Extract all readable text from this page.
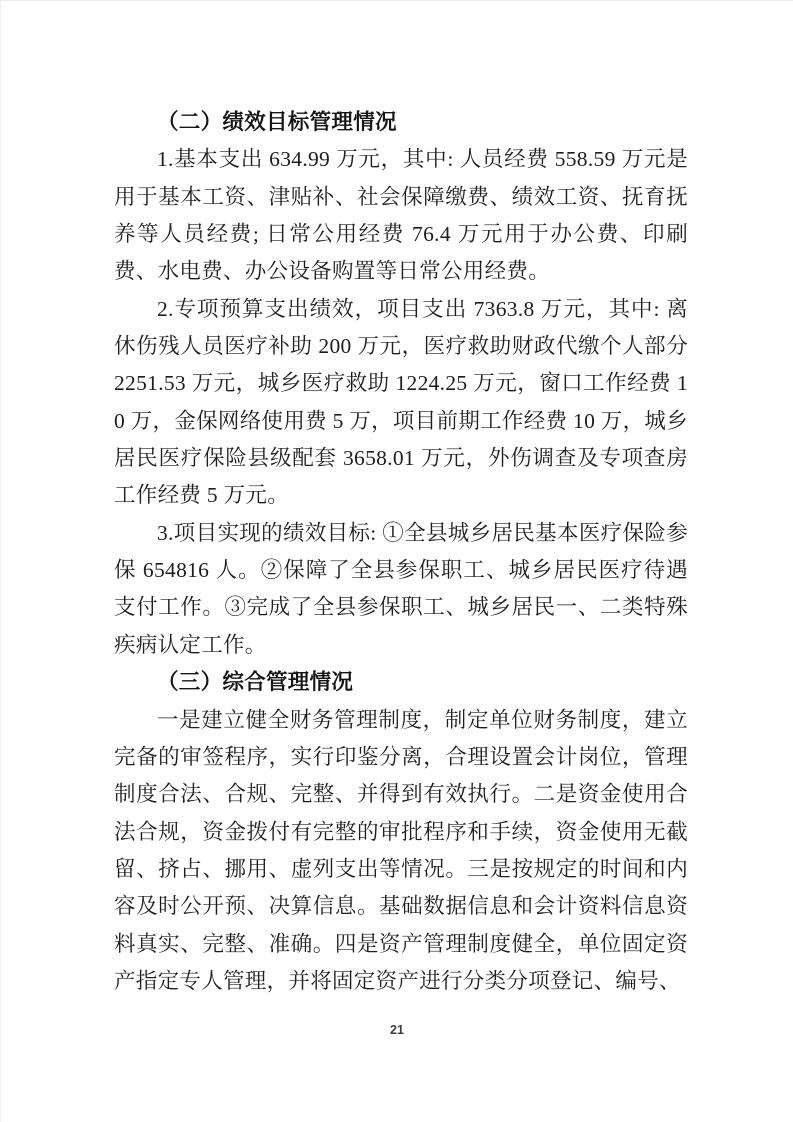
（二）绩效目标管理情况

1.基本支出 634.99 万元，其中: 人员经费 558.59 万元是用于基本工资、津贴补、社会保障缴费、绩效工资、抚育抚养等人员经费; 日常公用经费 76.4 万元用于办公费、印刷费、水电费、办公设备购置等日常公用经费。

2.专项预算支出绩效，项目支出 7363.8 万元，其中: 离休伤残人员医疗补助 200 万元，医疗救助财政代缴个人部分 2251.53 万元，城乡医疗救助 1224.25 万元，窗口工作经费 10 万，金保网络使用费 5 万，项目前期工作经费 10 万，城乡居民医疗保险县级配套 3658.01 万元，外伤调查及专项查房工作经费 5 万元。

3.项目实现的绩效目标: ①全县城乡居民基本医疗保险参保 654816 人。②保障了全县参保职工、城乡居民医疗待遇支付工作。③完成了全县参保职工、城乡居民一、二类特殊疾病认定工作。

（三）综合管理情况

一是建立健全财务管理制度，制定单位财务制度，建立完备的审签程序，实行印鉴分离，合理设置会计岗位，管理制度合法、合规、完整、并得到有效执行。二是资金使用合法合规，资金拨付有完整的审批程序和手续，资金使用无截留、挤占、挪用、虚列支出等情况。三是按规定的时间和内容及时公开预、决算信息。基础数据信息和会计资料信息资料真实、完整、准确。四是资产管理制度健全，单位固定资产指定专人管理，并将固定资产进行分类分项登记、编号、

21
